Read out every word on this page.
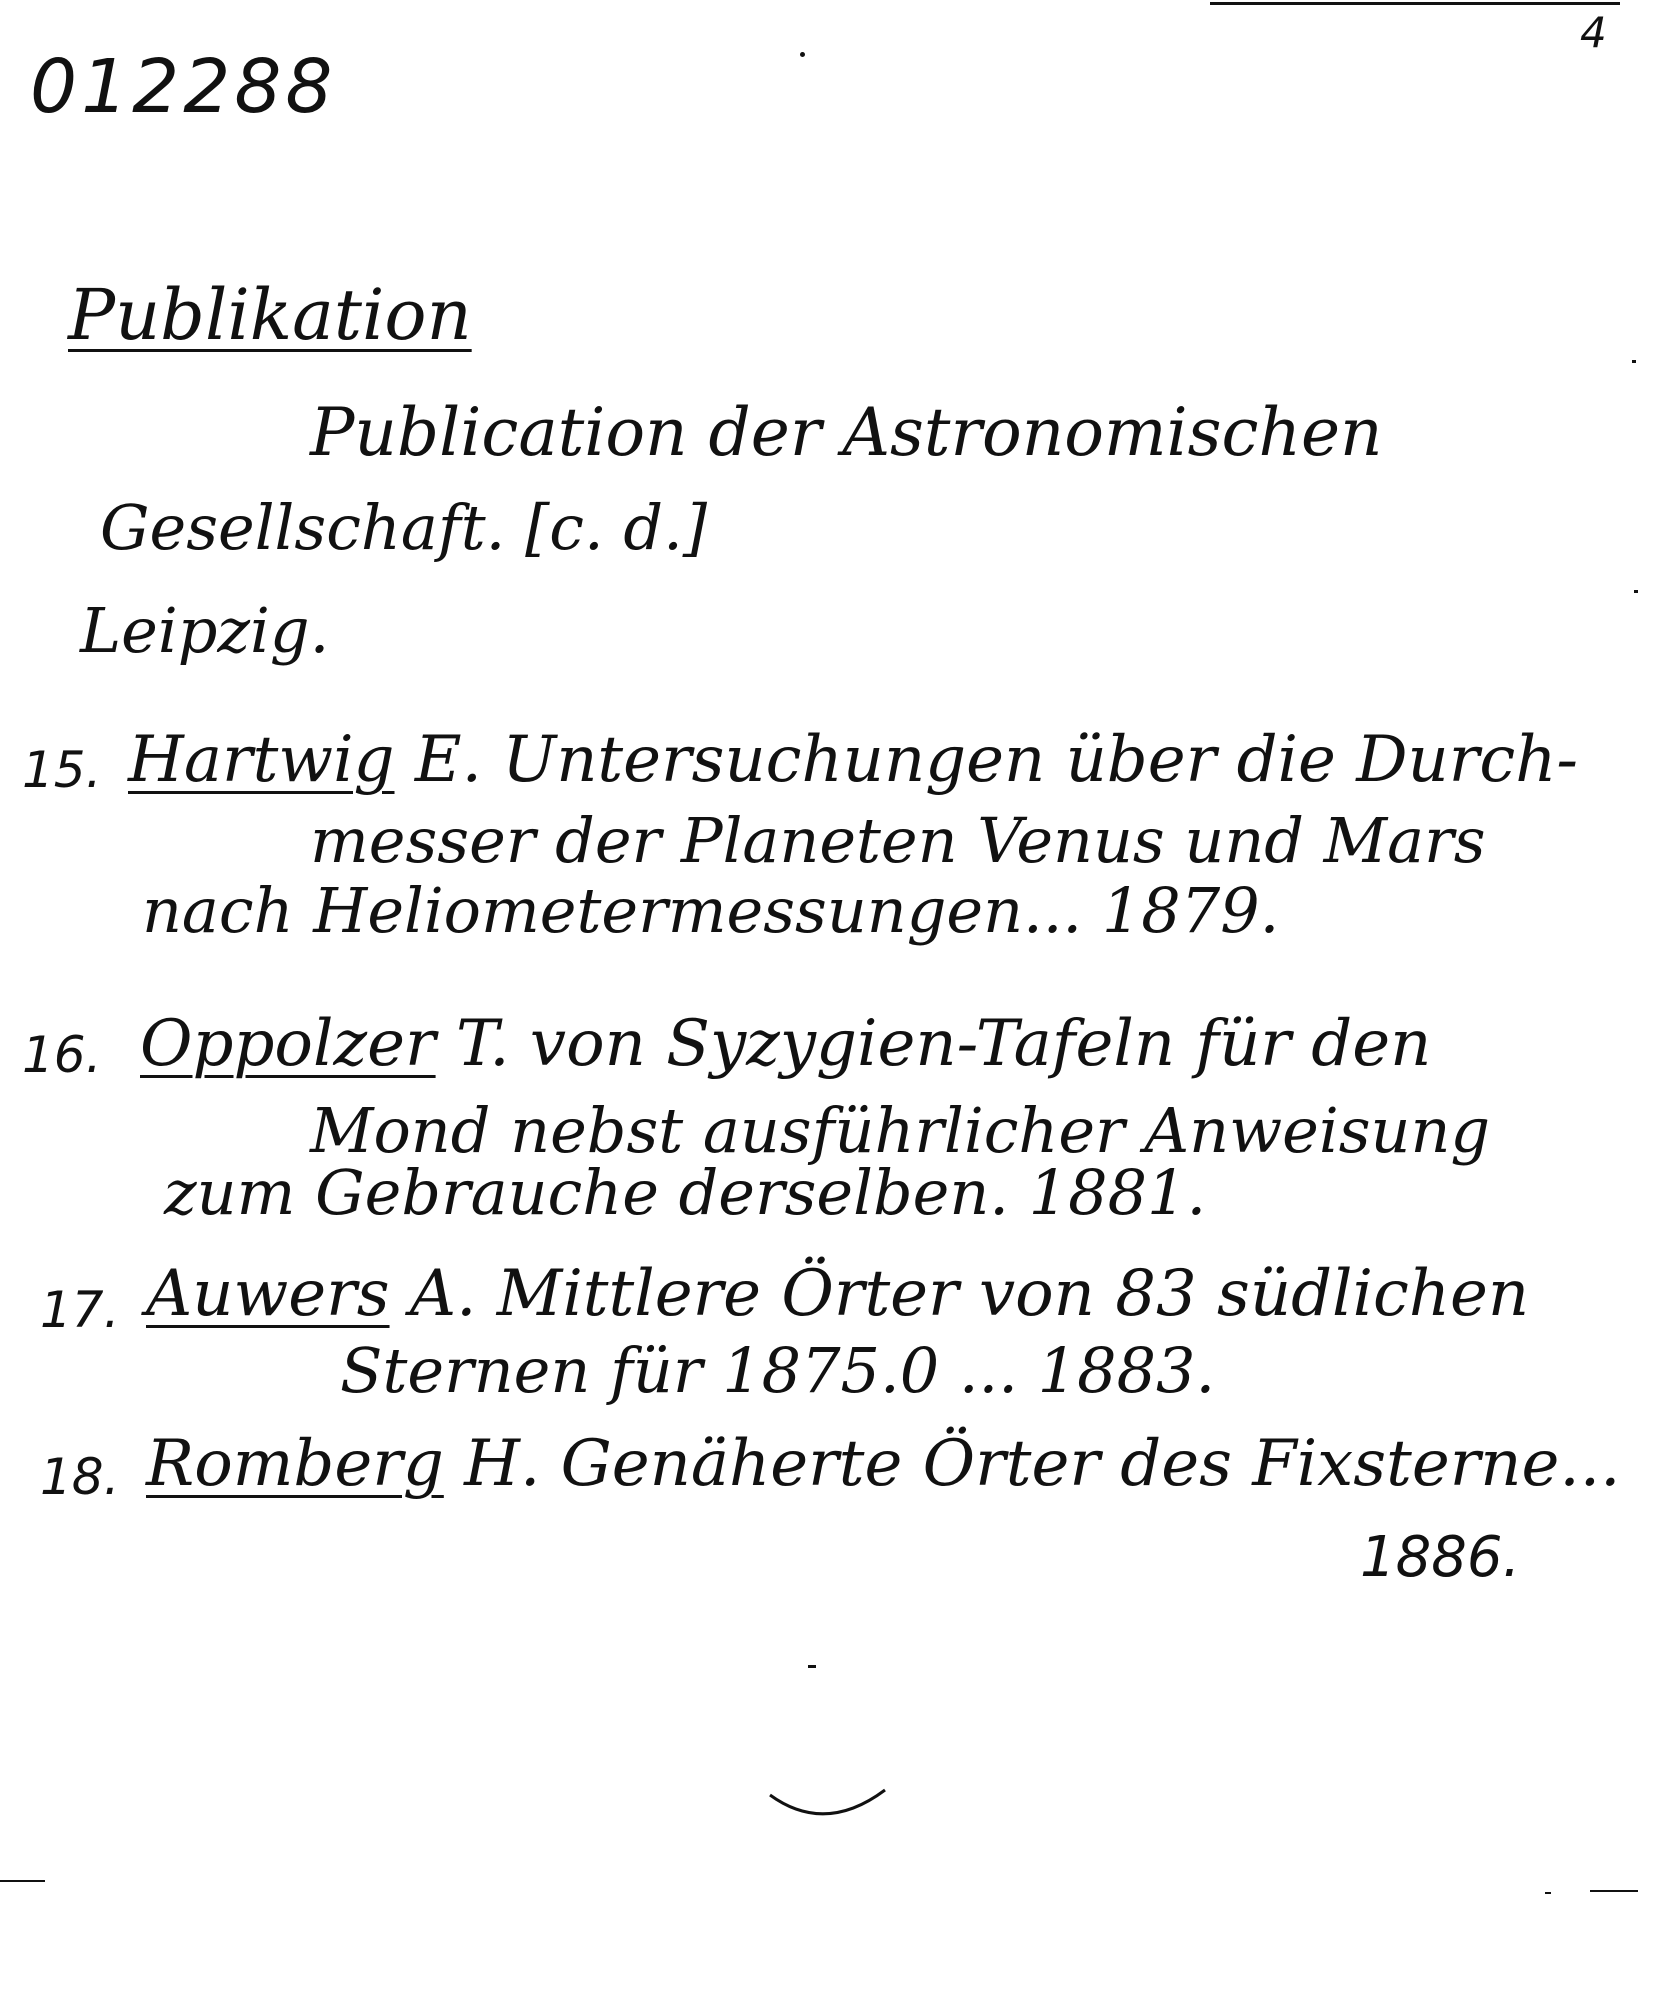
4
012288
Publikation
Publication der Astronomischen
Gesellschaft. [c. d.]
Leipzig.
15. Hartwig E. Untersuchungen über die Durch-
messer der Planeten Venus und Mars
nach Heliometermessungen... 1879.
16. Oppolzer T. von Syzygien-Tafeln für den
Mond nebst ausführlicher Anweisung
zum Gebrauche derselben. 1881.
17. Auwers A. Mittlere Örter von 83 südlichen
Sternen für 1875.0 ... 1883.
18. Romberg H. Genäherte Örter des Fixsterne...
1886.
